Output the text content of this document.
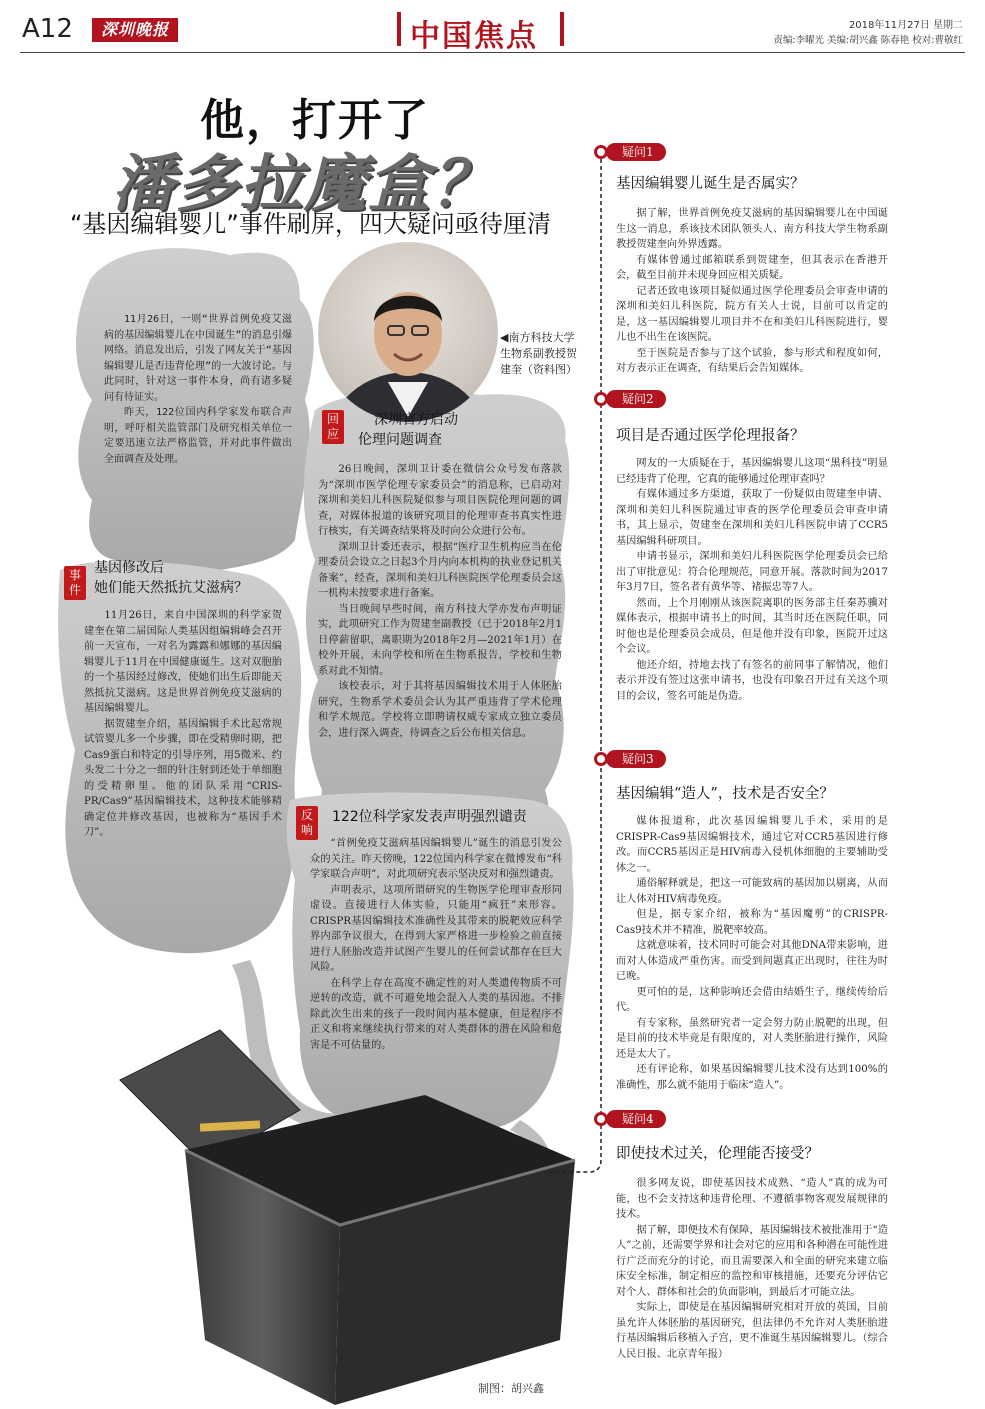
A12	深圳晚报	中国焦点	2018年11月27日 星期二
责编:李曜光 美编:胡兴鑫 陈春艳 校对:曹敬红
他，打开了
潘多拉魔盒？
“基因编辑婴儿”事件刷屏，四大疑问亟待厘清
◀南方科技大学生物系副教授贺建奎（资料图）

11月26日，一则“世界首例免疫艾滋病的基因编辑婴儿在中国诞生”的消息引爆网络。消息发出后，引发了网友关于“基因编辑婴儿是否违背伦理”的一大波讨论。与此同时，针对这一事件本身，尚有诸多疑问有待证实。

昨天，122位国内科学家发布联合声明，呼吁相关监管部门及研究相关单位一定要迅速立法严格监管，并对此事件做出全面调查及处理。

事件
基因修改后
她们能天然抵抗艾滋病？

11月26日，来自中国深圳的科学家贺建奎在第二届国际人类基因组编辑峰会召开前一天宣布，一对名为露露和娜娜的基因编辑婴儿于11月在中国健康诞生。这对双胞胎的一个基因经过修改，使她们出生后即能天然抵抗艾滋病。这是世界首例免疫艾滋病的基因编辑婴儿。

据贺建奎介绍，基因编辑手术比起常规试管婴儿多一个步骤，即在受精卵时期，把Cas9蛋白和特定的引导序列，用5微米、约头发二十分之一细的针注射到还处于单细胞的受精卵里。他的团队采用“CRIS-PR/Cas9”基因编辑技术，这种技术能够精确定位并修改基因，也被称为“基因手术刀”。

回应
深圳官方启动
伦理问题调查

26日晚间，深圳卫计委在微信公众号发布落款为“深圳市医学伦理专家委员会”的消息称，已启动对深圳和美妇儿科医院疑似参与项目医院伦理问题的调查，对媒体报道的该研究项目的伦理审查书真实性进行核实，有关调查结果将及时向公众进行公布。

深圳卫计委还表示，根据“医疗卫生机构应当在伦理委员会设立之日起3个月内向本机构的执业登记机关备案”，经查，深圳和美妇儿科医院医学伦理委员会这一机构未按要求进行备案。

当日晚间早些时间，南方科技大学亦发布声明证实，此项研究工作为贺建奎副教授（已于2018年2月1日停薪留职，离职期为2018年2月—2021年1月）在校外开展，未向学校和所在生物系报告，学校和生物系对此不知情。

该校表示，对于其将基因编辑技术用于人体胚胎研究，生物系学术委员会认为其严重违背了学术伦理和学术规范。学校将立即聘请权威专家成立独立委员会，进行深入调查，待调查之后公布相关信息。

反响
122位科学家发表声明强烈谴责

“首例免疫艾滋病基因编辑婴儿”诞生的消息引发公众的关注。昨天傍晚，122位国内科学家在微博发布“科学家联合声明”，对此项研究表示坚决反对和强烈谴责。

声明表示，这项所谓研究的生物医学伦理审查形同虚设。直接进行人体实验，只能用“疯狂”来形容。CRISPR基因编辑技术准确性及其带来的脱靶效应科学界内部争议很大，在得到大家严格进一步检验之前直接进行人胚胎改造并试图产生婴儿的任何尝试都存在巨大风险。

在科学上存在高度不确定性的对人类遗传物质不可逆转的改造，就不可避免地会混入人类的基因池。不排除此次生出来的孩子一段时间内基本健康，但是程序不正义和将来继续执行带来的对人类群体的潜在风险和危害是不可估量的。

制图：胡兴鑫
疑问1
基因编辑婴儿诞生是否属实？

据了解，世界首例免疫艾滋病的基因编辑婴儿在中国诞生这一消息，系该技术团队领头人、南方科技大学生物系副教授贺建奎向外界透露。

有媒体曾通过邮箱联系到贺建奎，但其表示在香港开会，截至目前并未现身回应相关质疑。

记者还致电该项目疑似通过医学伦理委员会审查申请的深圳和美妇儿科医院，院方有关人士说，目前可以肯定的是，这一基因编辑婴儿项目并不在和美妇儿科医院进行，婴儿也不出生在该医院。

至于医院是否参与了这个试验，参与形式和程度如何，对方表示正在调查，有结果后会告知媒体。

疑问2
项目是否通过医学伦理报备？

网友的一大质疑在于，基因编辑婴儿这项“黑科技”明显已经违背了伦理，它真的能够通过伦理审查吗？

有媒体通过多方渠道，获取了一份疑似由贺建奎申请、深圳和美妇儿科医院通过审查的医学伦理委员会审查申请书，其上显示，贺建奎在深圳和美妇儿科医院申请了CCR5基因编辑科研项目。

申请书显示，深圳和美妇儿科医院医学伦理委员会已给出了审批意见：符合伦理规范，同意开展。落款时间为2017年3月7日，签名者有黄华等、褚振忠等7人。

然而，上个月刚刚从该医院离职的医务部主任秦苏骥对媒体表示，根据申请书上的时间，其当时还在医院任职，同时他也是伦理委员会成员，但是他并没有印象，医院开过这个会议。

他还介绍，持地去找了有签名的前同事了解情况，他们表示并没有签过这张申请书，也没有印象召开过有关这个项目的会议，签名可能是伪造。

疑问3
基因编辑“造人”，技术是否安全？

媒体报道称，此次基因编辑婴儿手术，采用的是CRISPR-Cas9基因编辑技术，通过它对CCR5基因进行修改。而CCR5基因正是HIV病毒入侵机体细胞的主要辅助受体之一。

通俗解释就是，把这一可能致病的基因加以剔离，从而让人体对HIV病毒免疫。

但是，据专家介绍，被称为“基因魔剪”的CRISPR-Cas9技术并不精准，脱靶率较高。

这就意味着，技术同时可能会对其他DNA带来影响，进而对人体造成严重伤害。而受到间题真正出现时，往往为时已晚。

更可怕的是，这种影响还会借由结婚生子，继续传给后代。

有专家称，虽然研究者一定会努力防止脱靶的出现，但是目前的技术毕竟是有限度的，对人类胚胎进行操作，风险还是太大了。

还有评论称，如果基因编辑婴儿技术没有达到100%的准确性，那么就不能用于临床“造人”。

疑问4
即使技术过关，伦理能否接受？

很多网友说，即使基因技术成熟、“造人”真的成为可能，也不会支持这种违背伦理、不遵循事物客观发展规律的技术。

据了解，即便技术有保障，基因编辑技术被批准用于“造人”之前，还需要学界和社会对它的应用和各种潜在可能性进行广泛而充分的讨论，而且需要深入和全面的研究来建立临床安全标准，制定相应的监控和审核措施，还要充分评估它对个人、群体和社会的负面影响，到最后才可能立法。

实际上，即使是在基因编辑研究相对开放的英国，目前虽允许人体胚胎的基因研究，但法律仍不允许对人类胚胎进行基因编辑后移植入子宫，更不准诞生基因编辑婴儿。（综合人民日报、北京青年报）
